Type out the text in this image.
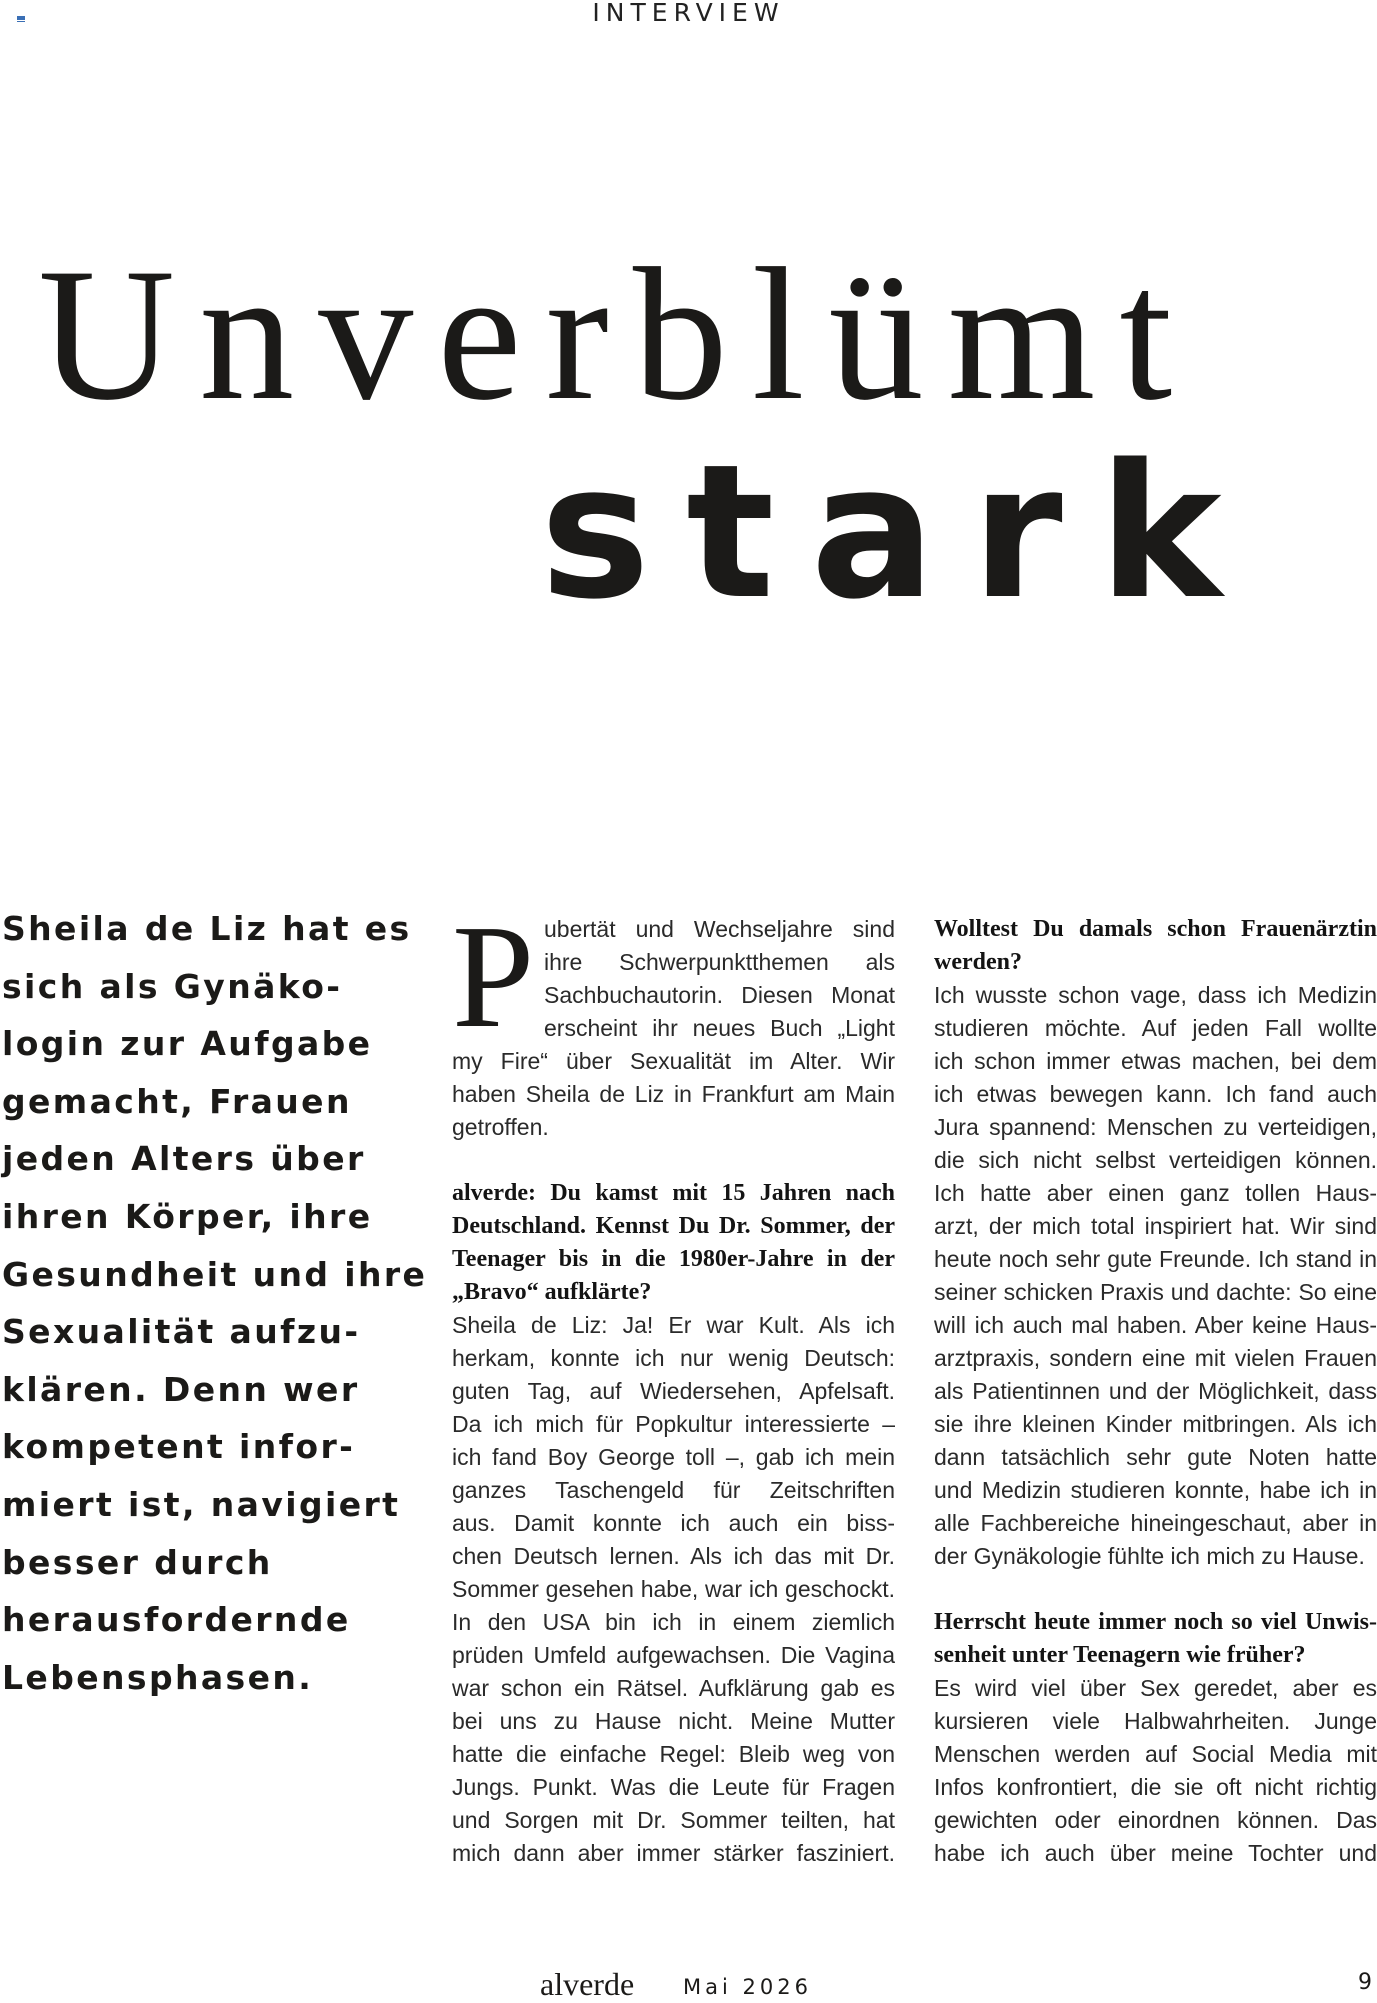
INTERVIEW
Unverblümt
stark
Sheila de Liz hat es
sich als Gynäko-
login zur Aufgabe
gemacht, Frauen
jeden Alters über
ihren Körper, ihre
Gesundheit und ihre
Sexualität aufzu-
klären. Denn wer
kompetent infor-
miert ist, navigiert
besser durch
herausfordernde
Lebensphasen.
P ubertät und Wechseljahre sind
ihre Schwerpunktthemen als
Sachbuchautorin. Diesen Monat
erscheint ihr neues Buch „Light
my Fire“ über Sexualität im Alter. Wir
haben Sheila de Liz in Frankfurt am Main
getroffen.
alverde: Du kamst mit 15 Jahren nach
Deutschland. Kennst Du Dr. Sommer, der
Teenager bis in die 1980er-Jahre in der
„Bravo“ aufklärte?
Sheila de Liz: Ja! Er war Kult. Als ich
herkam, konnte ich nur wenig Deutsch:
guten Tag, auf Wiedersehen, Apfelsaft.
Da ich mich für Popkultur interessierte –
ich fand Boy George toll –, gab ich mein
ganzes Taschengeld für Zeitschriften
aus. Damit konnte ich auch ein biss-
chen Deutsch lernen. Als ich das mit Dr.
Sommer gesehen habe, war ich geschockt.
In den USA bin ich in einem ziemlich
prüden Umfeld aufgewachsen. Die Vagina
war schon ein Rätsel. Aufklärung gab es
bei uns zu Hause nicht. Meine Mutter
hatte die einfache Regel: Bleib weg von
Jungs. Punkt. Was die Leute für Fragen
und Sorgen mit Dr. Sommer teilten, hat
mich dann aber immer stärker fasziniert.
Wolltest Du damals schon Frauenärztin
werden?
Ich wusste schon vage, dass ich Medizin
studieren möchte. Auf jeden Fall wollte
ich schon immer etwas machen, bei dem
ich etwas bewegen kann. Ich fand auch
Jura spannend: Menschen zu verteidigen,
die sich nicht selbst verteidigen können.
Ich hatte aber einen ganz tollen Haus-
arzt, der mich total inspiriert hat. Wir sind
heute noch sehr gute Freunde. Ich stand in
seiner schicken Praxis und dachte: So eine
will ich auch mal haben. Aber keine Haus-
arztpraxis, sondern eine mit vielen Frauen
als Patientinnen und der Möglichkeit, dass
sie ihre kleinen Kinder mitbringen. Als ich
dann tatsächlich sehr gute Noten hatte
und Medizin studieren konnte, habe ich in
alle Fachbereiche hineingeschaut, aber in
der Gynäkologie fühlte ich mich zu Hause.
Herrscht heute immer noch so viel Unwis-
senheit unter Teenagern wie früher?
Es wird viel über Sex geredet, aber es
kursieren viele Halbwahrheiten. Junge
Menschen werden auf Social Media mit
Infos konfrontiert, die sie oft nicht richtig
gewichten oder einordnen können. Das
habe ich auch über meine Tochter und
alverde Mai 2026	9
